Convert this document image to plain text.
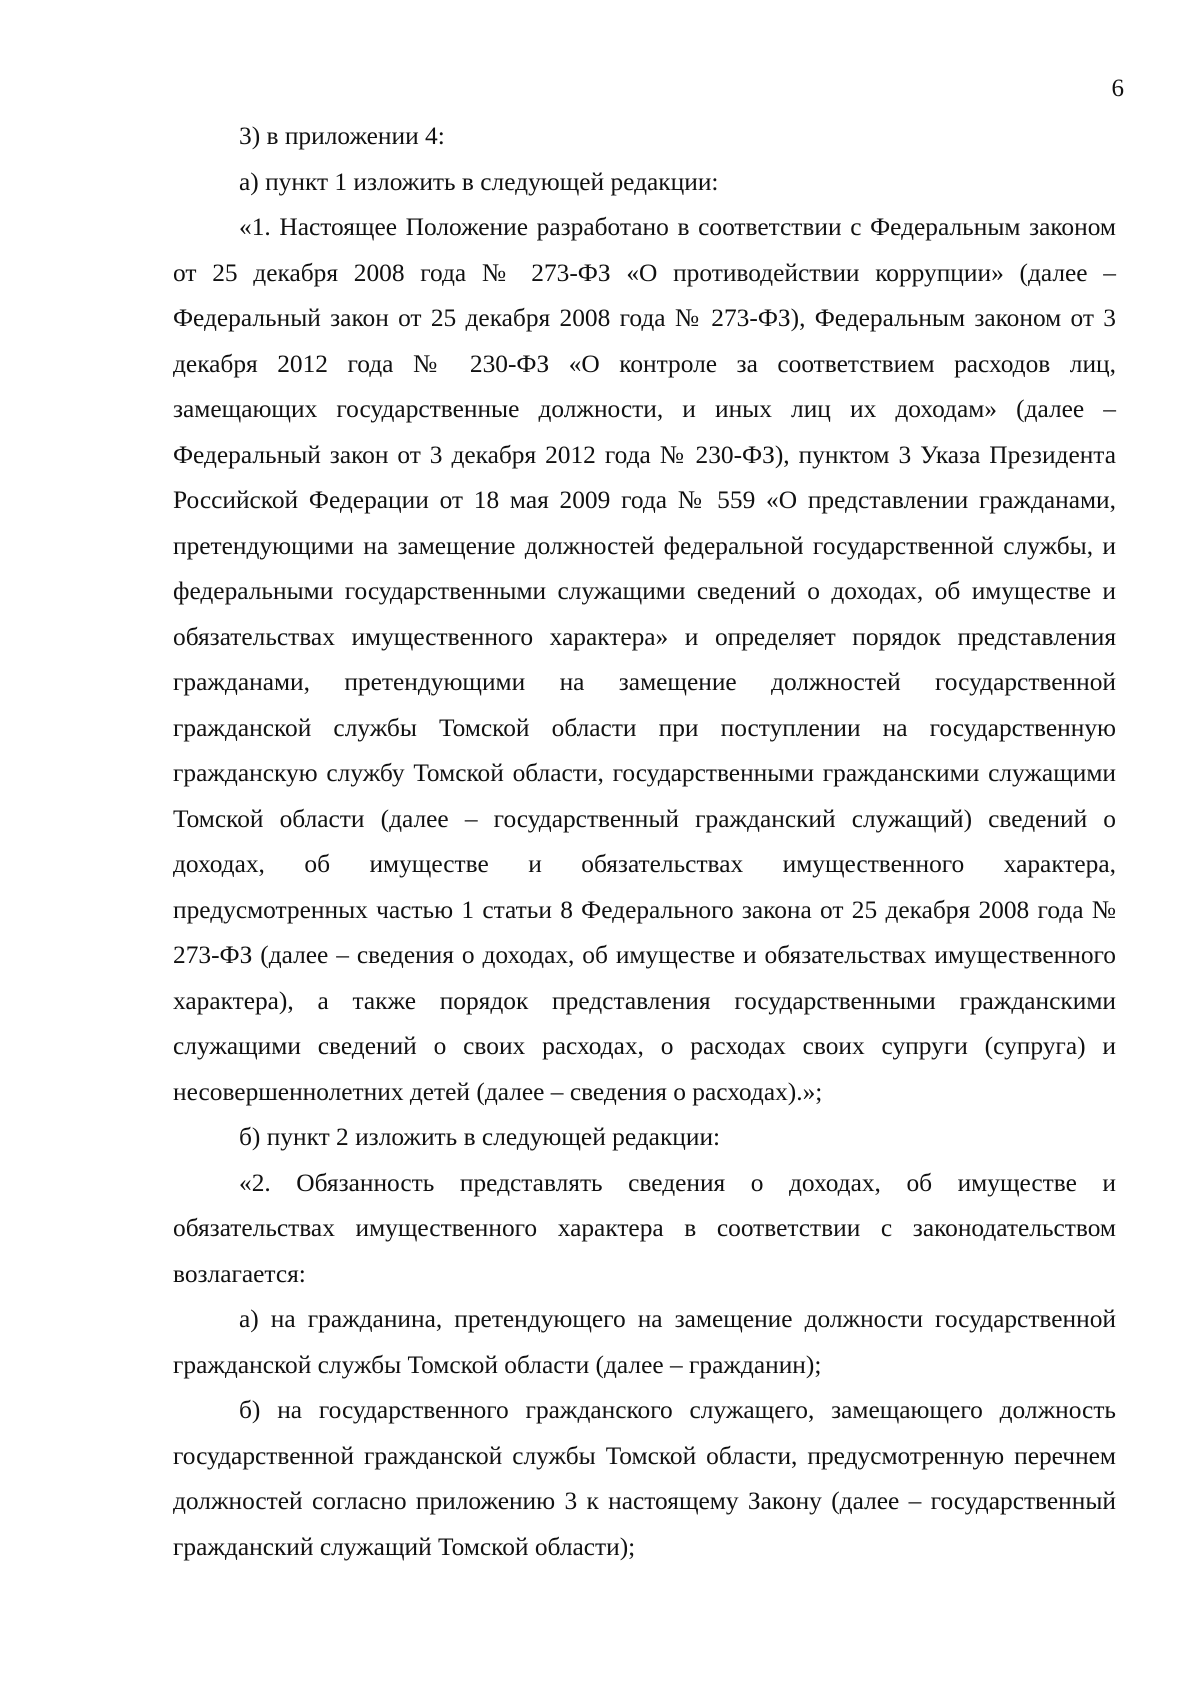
6

3) в приложении 4:

а) пункт 1 изложить в следующей редакции:

«1. Настоящее Положение разработано в соответствии с Федеральным законом от 25 декабря 2008 года № 273-ФЗ «О противодействии коррупции» (далее – Федеральный закон от 25 декабря 2008 года № 273-ФЗ), Федеральным законом от 3 декабря 2012 года № 230-ФЗ «О контроле за соответствием расходов лиц, замещающих государственные должности, и иных лиц их доходам» (далее – Федеральный закон от 3 декабря 2012 года № 230-ФЗ), пунктом 3 Указа Президента Российской Федерации от 18 мая 2009 года № 559 «О представлении гражданами, претендующими на замещение должностей федеральной государственной службы, и федеральными государственными служащими сведений о доходах, об имуществе и обязательствах имущественного характера» и определяет порядок представления гражданами, претендующими на замещение должностей государственной гражданской службы Томской области при поступлении на государственную гражданскую службу Томской области, государственными гражданскими служащими Томской области (далее – государственный гражданский служащий) сведений о доходах, об имуществе и обязательствах имущественного характера, предусмотренных частью 1 статьи 8 Федерального закона от 25 декабря 2008 года № 273-ФЗ (далее – сведения о доходах, об имуществе и обязательствах имущественного характера), а также порядок представления государственными гражданскими служащими сведений о своих расходах, о расходах своих супруги (супруга) и несовершеннолетних детей (далее – сведения о расходах).»;

б) пункт 2 изложить в следующей редакции:

«2. Обязанность представлять сведения о доходах, об имуществе и обязательствах имущественного характера в соответствии с законодательством возлагается:

а) на гражданина, претендующего на замещение должности государственной гражданской службы Томской области (далее – гражданин);

б) на государственного гражданского служащего, замещающего должность государственной гражданской службы Томской области, предусмотренную перечнем должностей согласно приложению 3 к настоящему Закону (далее – государственный гражданский служащий Томской области);
